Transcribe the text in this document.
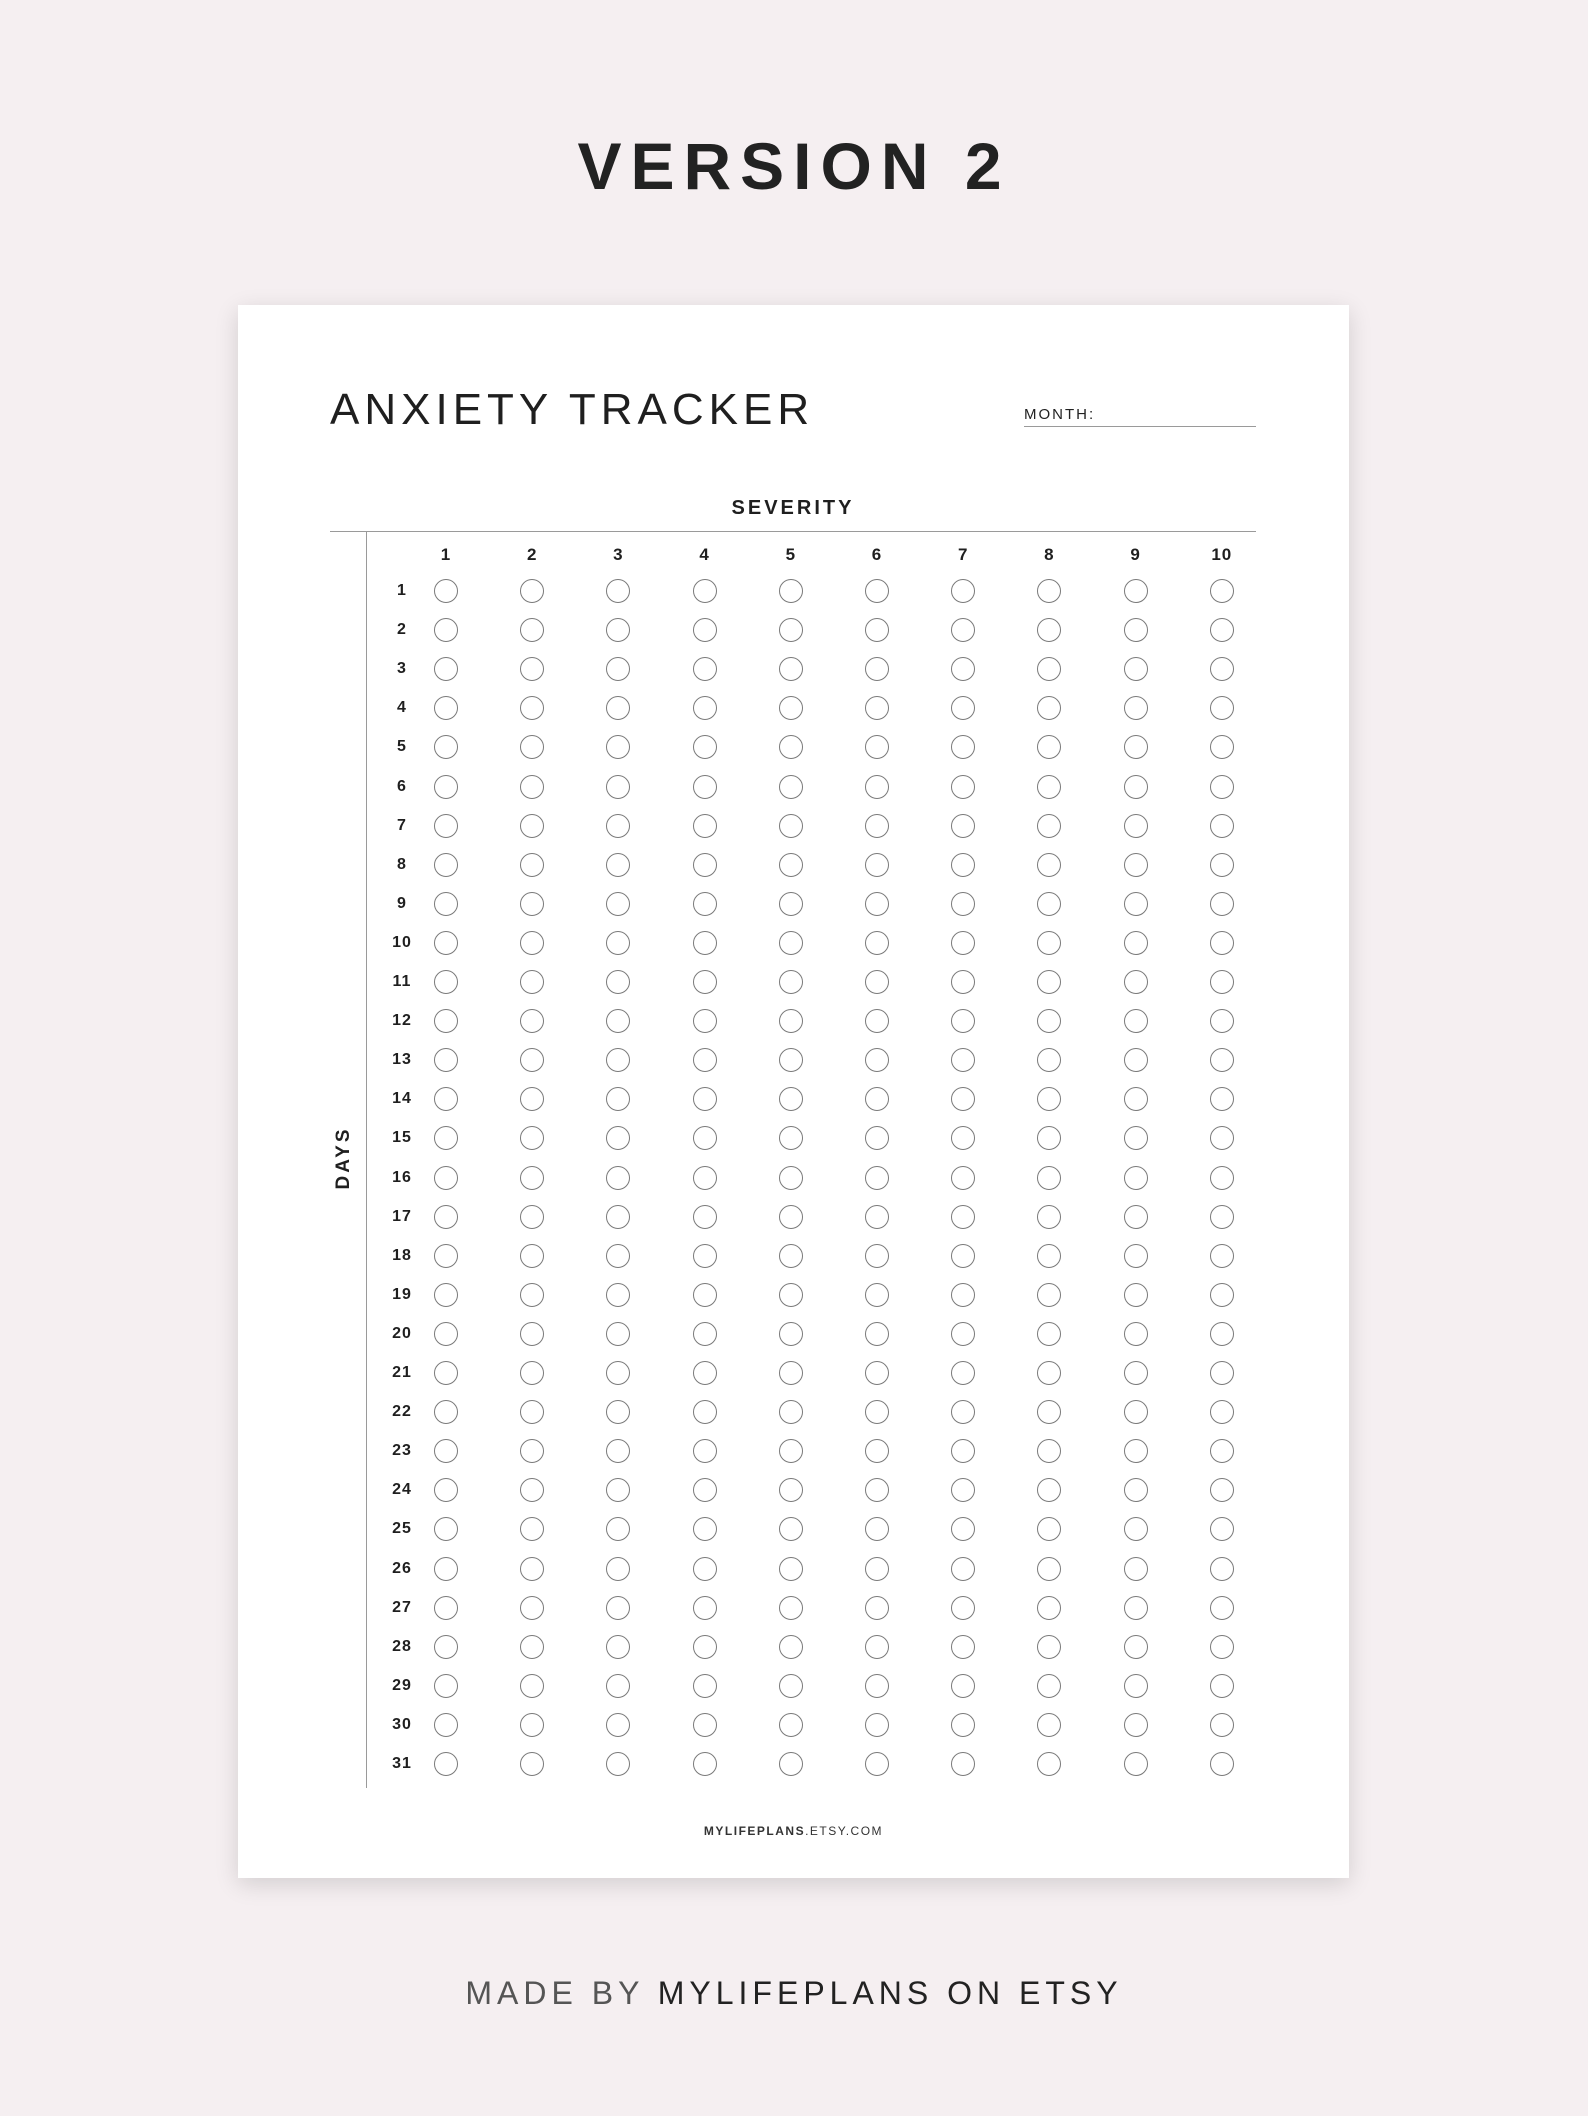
VERSION 2
ANXIETY TRACKER	MONTH:
SEVERITY
DAYS
1	2	3	4	5	6	7	8	9	10
1
2
3
4
5
6
7
8
9
10
11
12
13
14
15
16
17
18
19
20
21
22
23
24
25
26
27
28
29
30
31
MYLIFEPLANS.ETSY.COM
MADE BY MYLIFEPLANS ON ETSY
